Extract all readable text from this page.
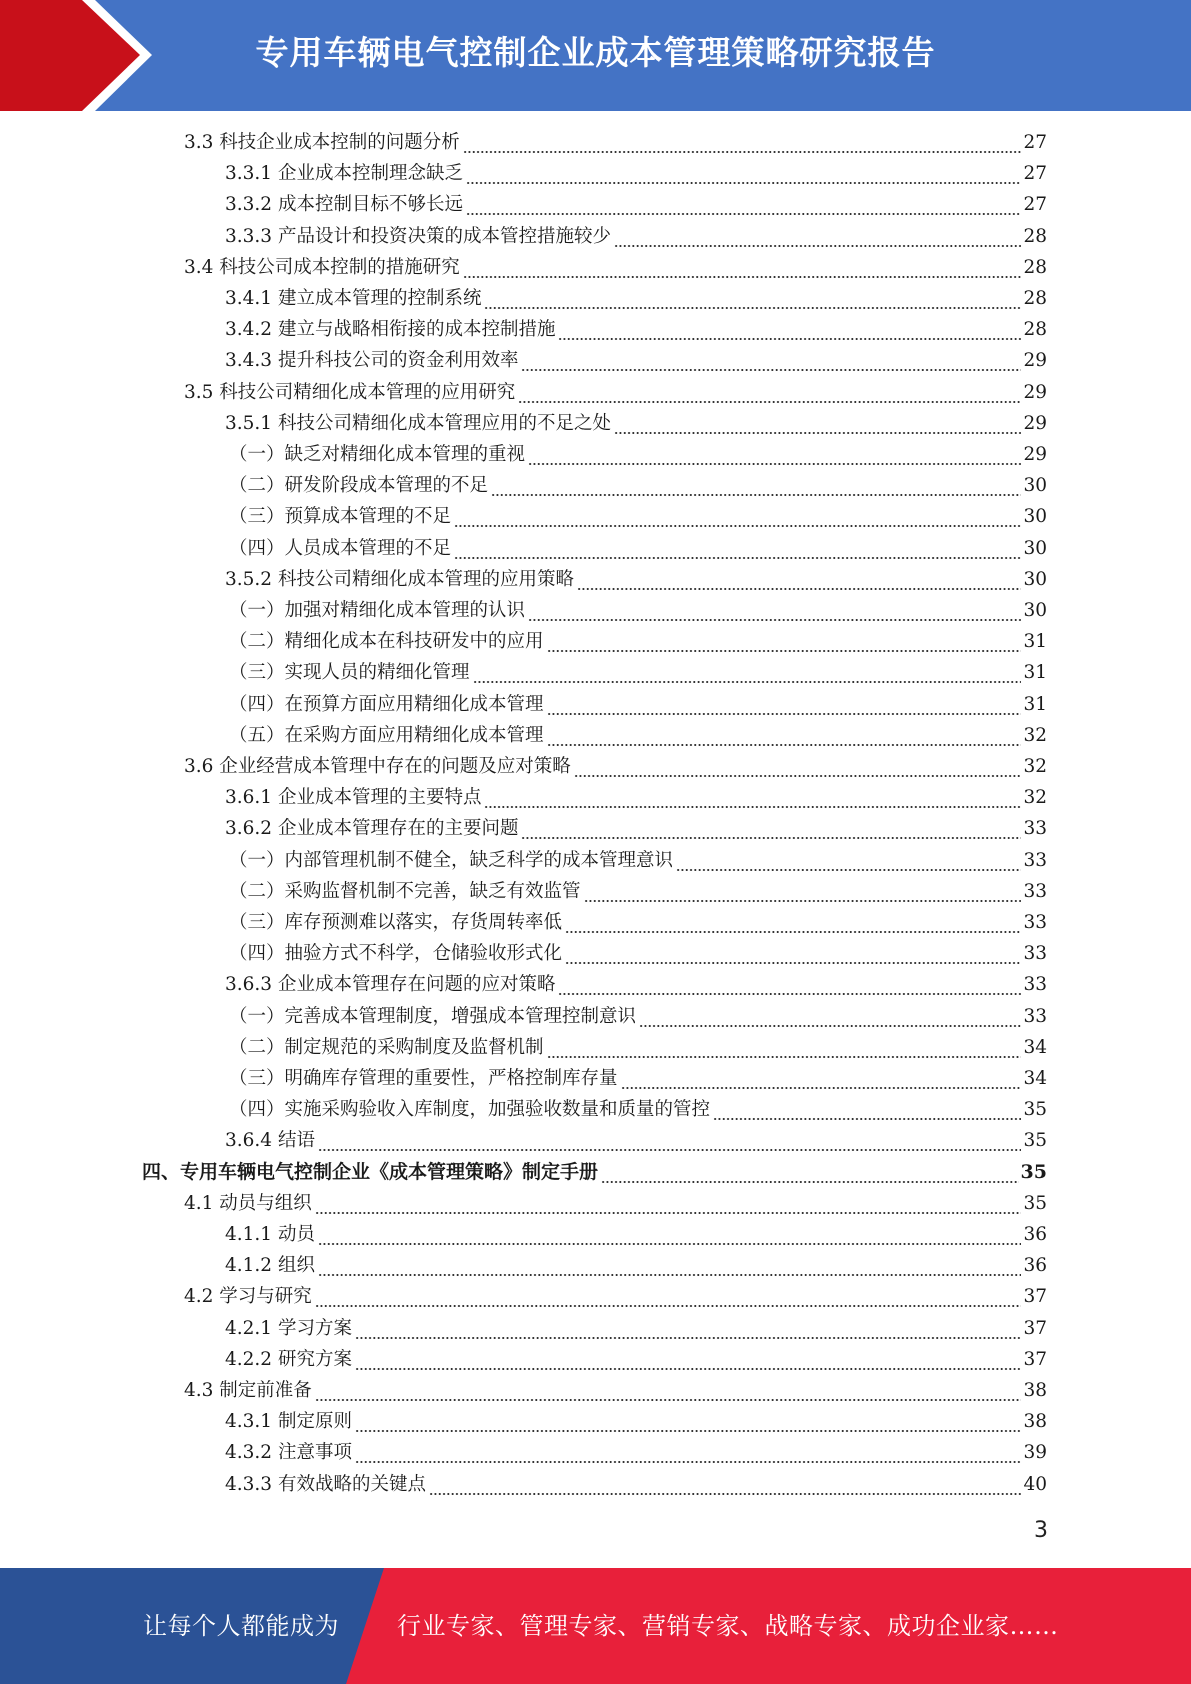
专用车辆电气控制企业成本管理策略研究报告
3.3 科技企业成本控制的问题分析	27
3.3.1 企业成本控制理念缺乏	27
3.3.2 成本控制目标不够长远	27
3.3.3 产品设计和投资决策的成本管控措施较少	28
3.4 科技公司成本控制的措施研究	28
3.4.1 建立成本管理的控制系统	28
3.4.2 建立与战略相衔接的成本控制措施	28
3.4.3 提升科技公司的资金利用效率	29
3.5 科技公司精细化成本管理的应用研究	29
3.5.1 科技公司精细化成本管理应用的不足之处	29
（一）缺乏对精细化成本管理的重视	29
（二）研发阶段成本管理的不足	30
（三）预算成本管理的不足	30
（四）人员成本管理的不足	30
3.5.2 科技公司精细化成本管理的应用策略	30
（一）加强对精细化成本管理的认识	30
（二）精细化成本在科技研发中的应用	31
（三）实现人员的精细化管理	31
（四）在预算方面应用精细化成本管理	31
（五）在采购方面应用精细化成本管理	32
3.6 企业经营成本管理中存在的问题及应对策略	32
3.6.1 企业成本管理的主要特点	32
3.6.2 企业成本管理存在的主要问题	33
（一）内部管理机制不健全，缺乏科学的成本管理意识	33
（二）采购监督机制不完善，缺乏有效监管	33
（三）库存预测难以落实，存货周转率低	33
（四）抽验方式不科学，仓储验收形式化	33
3.6.3 企业成本管理存在问题的应对策略	33
（一）完善成本管理制度，增强成本管理控制意识	33
（二）制定规范的采购制度及监督机制	34
（三）明确库存管理的重要性，严格控制库存量	34
（四）实施采购验收入库制度，加强验收数量和质量的管控	35
3.6.4 结语	35
四、专用车辆电气控制企业《成本管理策略》制定手册	35
4.1 动员与组织	35
4.1.1 动员	36
4.1.2 组织	36
4.2 学习与研究	37
4.2.1 学习方案	37
4.2.2 研究方案	37
4.3 制定前准备	38
4.3.1 制定原则	38
4.3.2 注意事项	39
4.3.3 有效战略的关键点	40
3
让每个人都能成为 行业专家、管理专家、营销专家、战略专家、成功企业家……
